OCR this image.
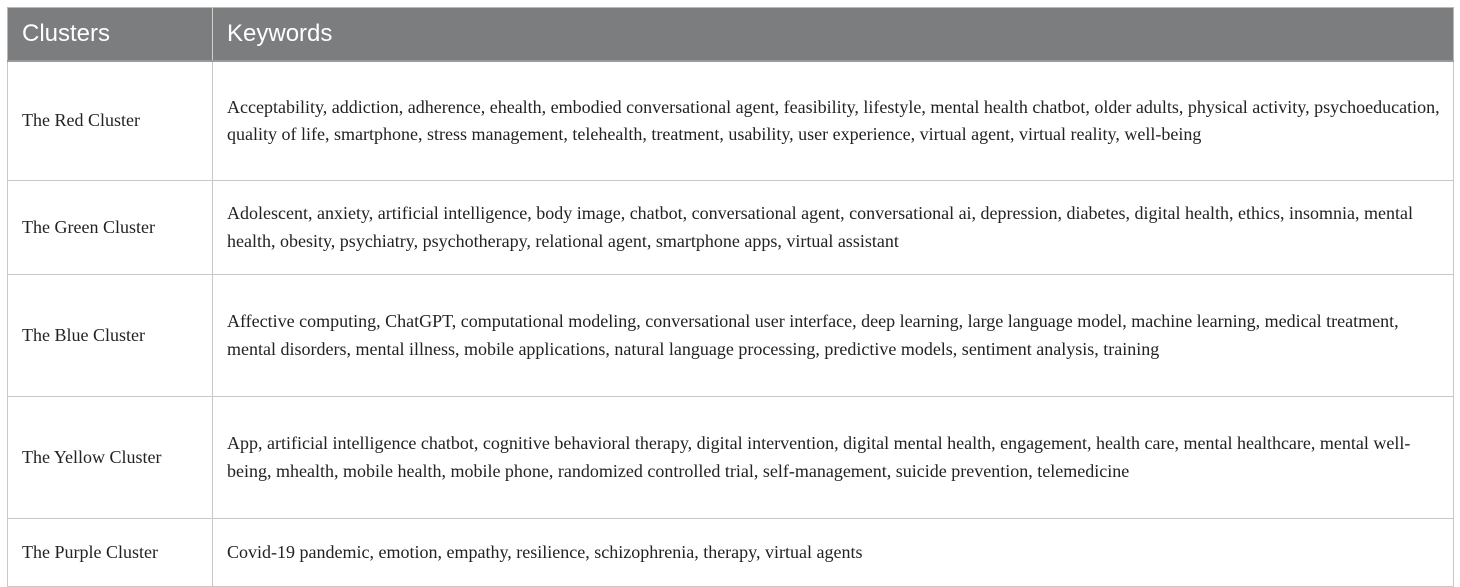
Clusters	Keywords
The Red Cluster	Acceptability, addiction, adherence, ehealth, embodied conversational agent, feasibility, lifestyle, mental health chatbot, older adults, physical activity, psychoeducation, quality of life, smartphone, stress management, telehealth, treatment, usability, user experience, virtual agent, virtual reality, well-being
The Green Cluster	Adolescent, anxiety, artificial intelligence, body image, chatbot, conversational agent, conversational ai, depression, diabetes, digital health, ethics, insomnia, mental health, obesity, psychiatry, psychotherapy, relational agent, smartphone apps, virtual assistant
The Blue Cluster	Affective computing, ChatGPT, computational modeling, conversational user interface, deep learning, large language model, machine learning, medical treatment, mental disorders, mental illness, mobile applications, natural language processing, predictive models, sentiment analysis, training
The Yellow Cluster	App, artificial intelligence chatbot, cognitive behavioral therapy, digital intervention, digital mental health, engagement, health care, mental healthcare, mental well-being, mhealth, mobile health, mobile phone, randomized controlled trial, self-management, suicide prevention, telemedicine
The Purple Cluster	Covid-19 pandemic, emotion, empathy, resilience, schizophrenia, therapy, virtual agents
